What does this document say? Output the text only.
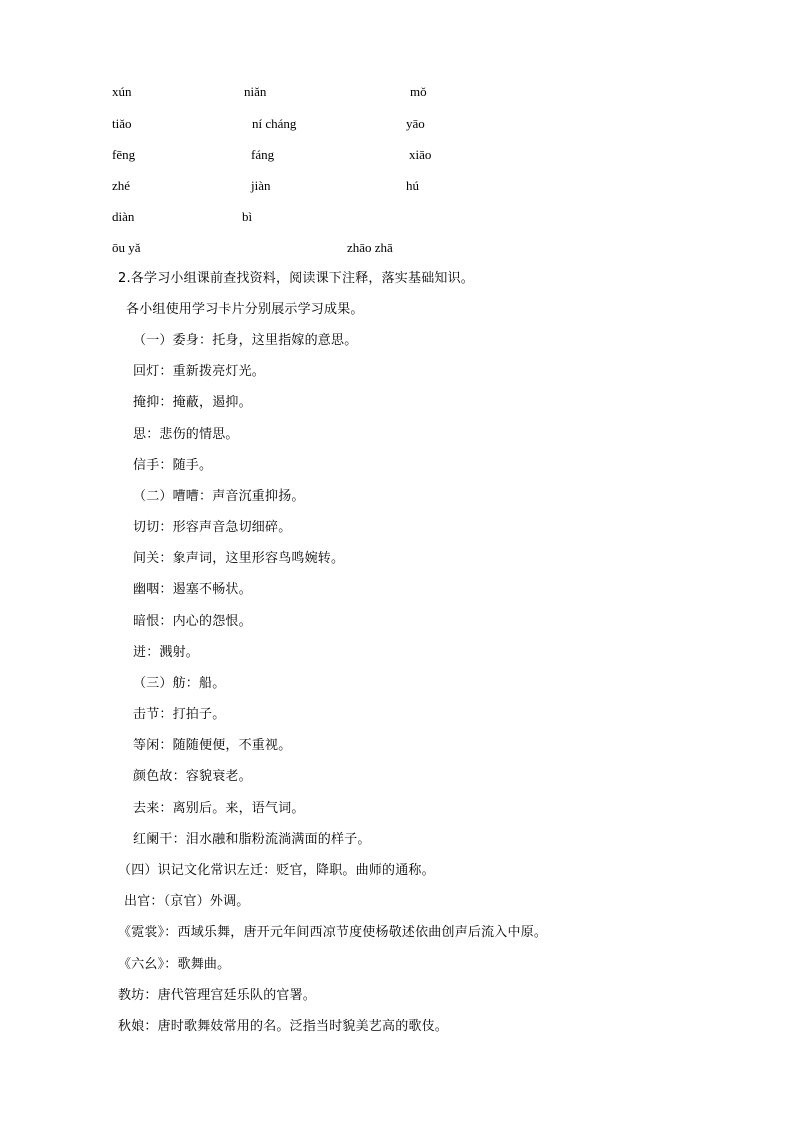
xún	niǎn	mǒ
tiǎo	ní cháng	yāo
fēng	fáng	xiāo
zhé	jiàn	hú
diàn	bì
ōu yǎ	zhāo zhā
2.各学习小组课前查找资料，阅读课下注释，落实基础知识。
各小组使用学习卡片分别展示学习成果。
（一）委身：托身，这里指嫁的意思。
回灯：重新拨亮灯光。
掩抑：掩蔽，遏抑。
思：悲伤的情思。
信手：随手。
（二）嘈嘈：声音沉重抑扬。
切切：形容声音急切细碎。
间关：象声词，这里形容鸟鸣婉转。
幽咽：遏塞不畅状。
暗恨：内心的怨恨。
迸：溅射。
（三）舫：船。
击节：打拍子。
等闲：随随便便，不重视。
颜色故：容貌衰老。
去来：离别后。来，语气词。
红阑干：泪水融和脂粉流淌满面的样子。
（四）识记文化常识左迁：贬官，降职。曲师的通称。
出官：（京官）外调。
《霓裳》：西域乐舞，唐开元年间西凉节度使杨敬述依曲创声后流入中原。
《六幺》：歌舞曲。
教坊：唐代管理宫廷乐队的官署。
秋娘：唐时歌舞妓常用的名。泛指当时貌美艺高的歌伎。
